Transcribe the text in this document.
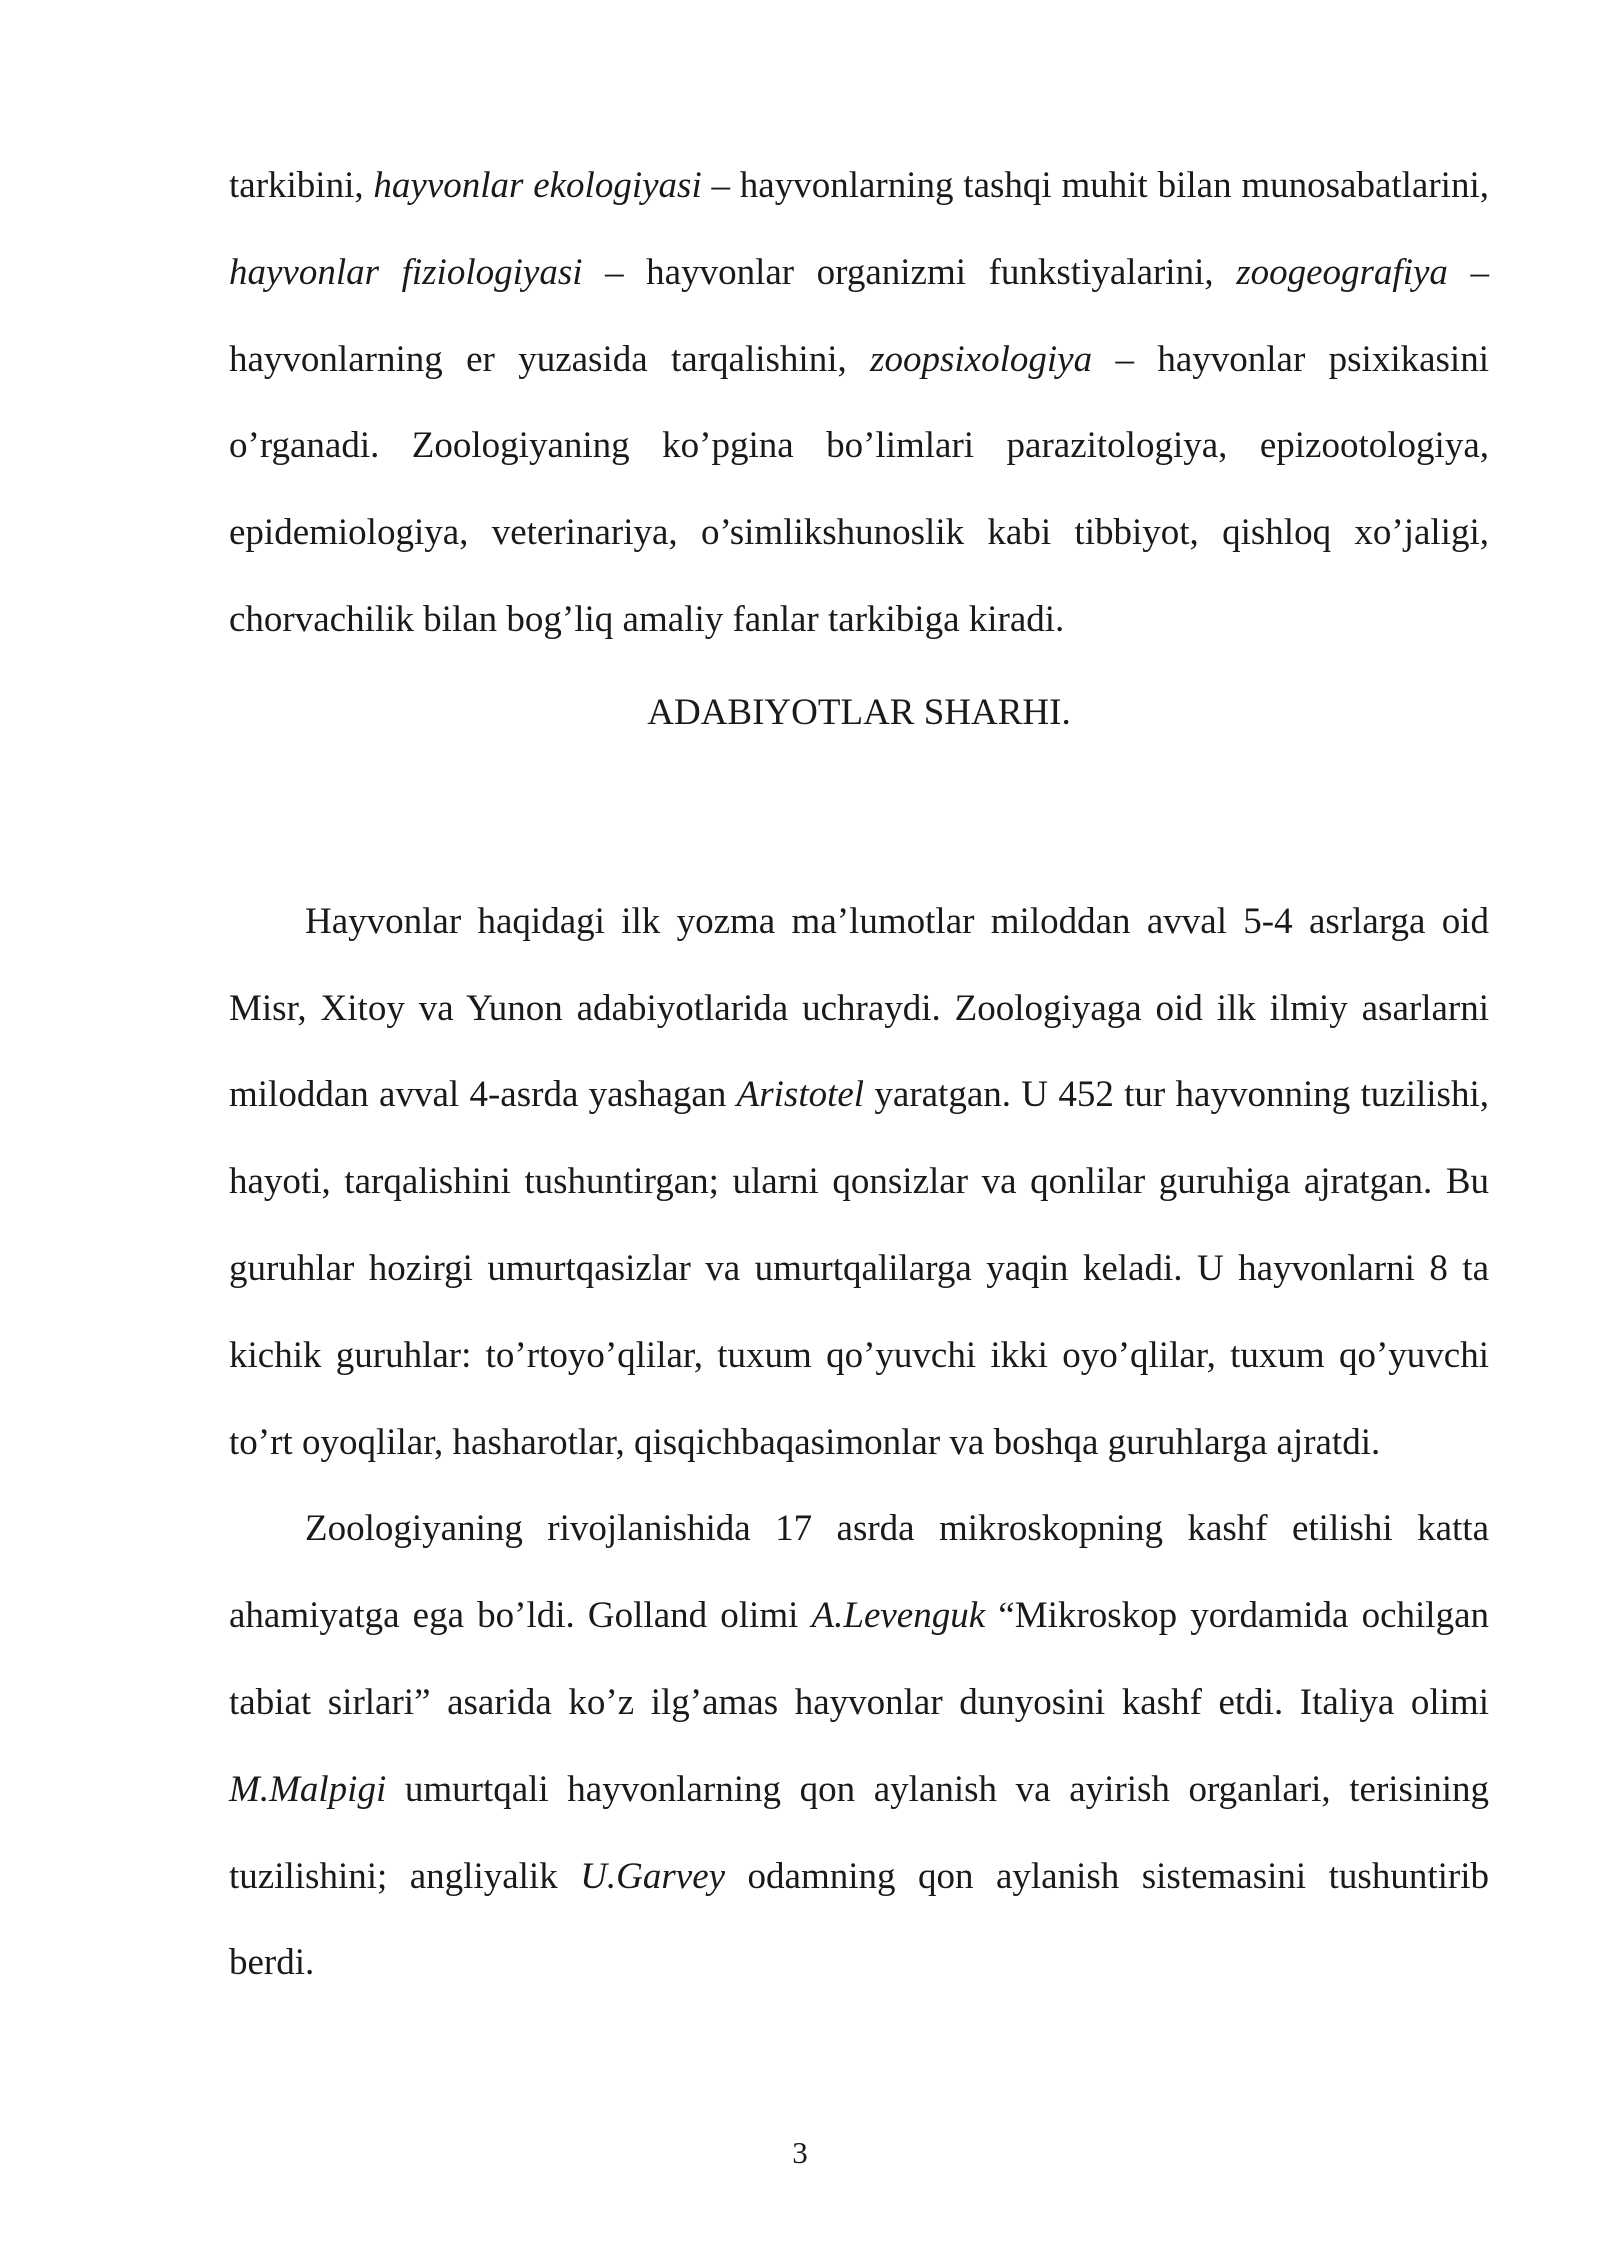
tarkibini, hayvonlar ekologiyasi – hayvonlarning tashqi muhit bilan munosabatlarini, hayvonlar fiziologiyasi – hayvonlar organizmi funkstiyalarini, zoogeografiya – hayvonlarning er yuzasida tarqalishini, zoopsixologiya – hayvonlar psixikasini o’rganadi. Zoologiyaning ko’pgina bo’limlari parazitologiya, epizootologiya, epidemiologiya, veterinariya, o’simlikshunoslik kabi tibbiyot, qishloq xo’jaligi, chorvachilik bilan bog’liq amaliy fanlar tarkibiga kiradi.

ADABIYOTLAR SHARHI.

Hayvonlar haqidagi ilk yozma ma’lumotlar miloddan avval 5-4 asrlarga oid Misr, Xitoy va Yunon adabiyotlarida uchraydi. Zoologiyaga oid ilk ilmiy asarlarni miloddan avval 4-asrda yashagan Aristotel yaratgan. U 452 tur hayvonning tuzilishi, hayoti, tarqalishini tushuntirgan; ularni qonsizlar va qonlilar guruhiga ajratgan. Bu guruhlar hozirgi umurtqasizlar va umurtqalilarga yaqin keladi. U hayvonlarni 8 ta kichik guruhlar: to’rtoyo’qlilar, tuxum qo’yuvchi ikki oyo’qlilar, tuxum qo’yuvchi to’rt oyoqlilar, hasharotlar, qisqichbaqasimonlar va boshqa guruhlarga ajratdi.

Zoologiyaning rivojlanishida 17 asrda mikroskopning kashf etilishi katta ahamiyatga ega bo’ldi. Golland olimi A.Levenguk “Mikroskop yordamida ochilgan tabiat sirlari” asarida ko’z ilg’amas hayvonlar dunyosini kashf etdi. Italiya olimi M.Malpigi umurtqali hayvonlarning qon aylanish va ayirish organlari, terisining tuzilishini; angliyalik U.Garvey odamning qon aylanish sistemasini tushuntirib berdi.

3
